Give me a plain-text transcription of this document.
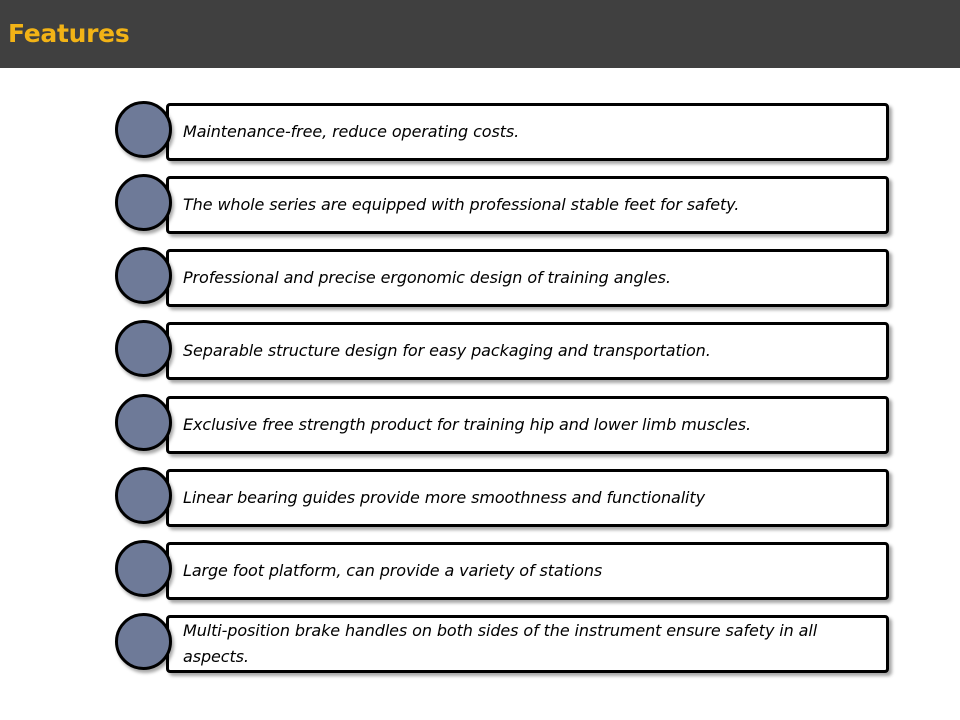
Features
Maintenance-free, reduce operating costs.
The whole series are equipped with professional stable feet for safety.
Professional and precise ergonomic design of training angles.
Separable structure design for easy packaging and transportation.
Exclusive free strength product for training hip and lower limb muscles.
Linear bearing guides provide more smoothness and functionality
Large foot platform, can provide a variety of stations
Multi-position brake handles on both sides of the instrument ensure safety in all aspects.
